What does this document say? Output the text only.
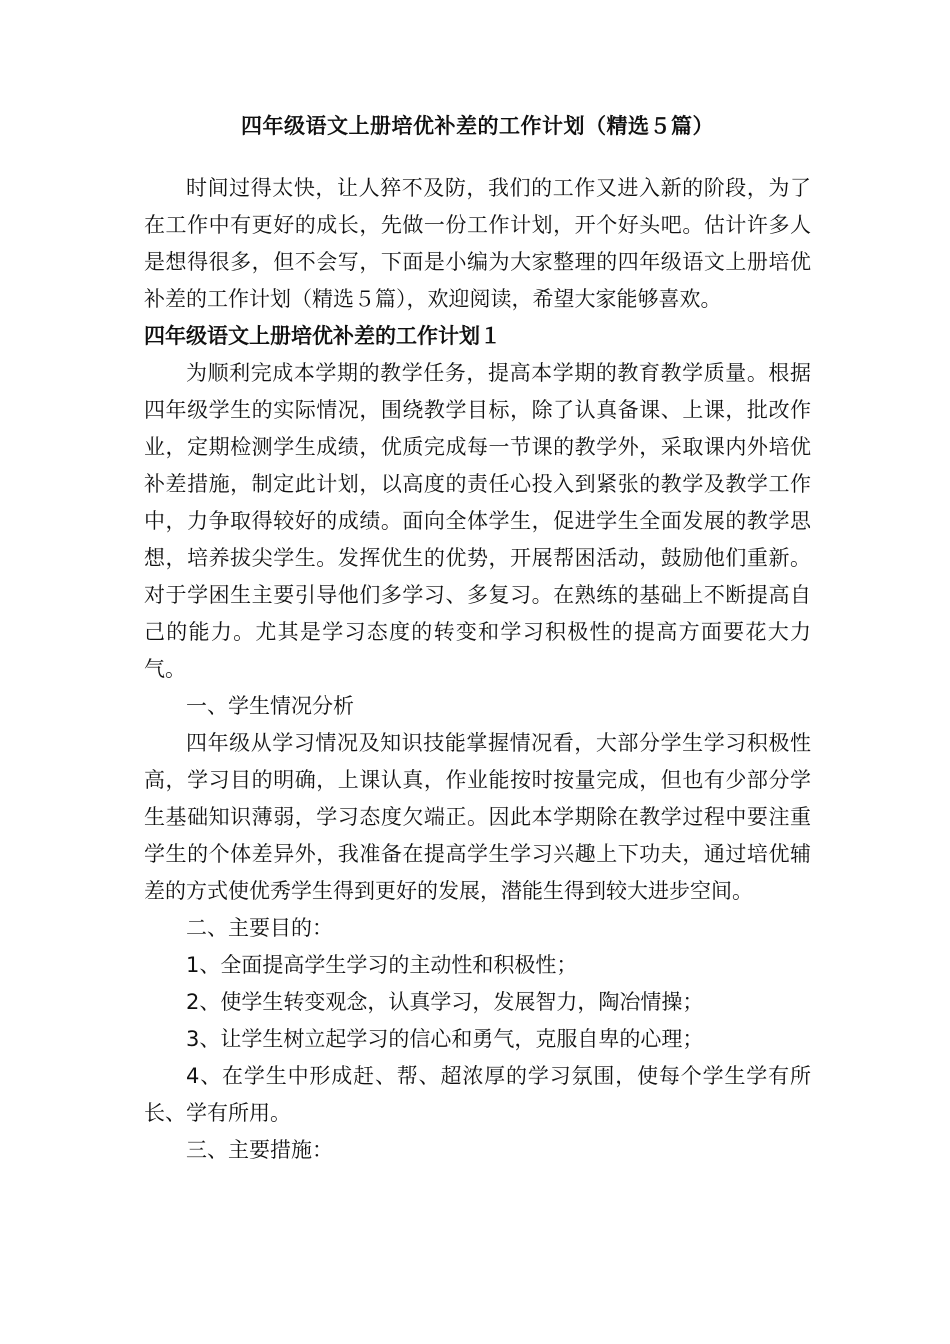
四年级语文上册培优补差的工作计划（精选５篇）

时间过得太快，让人猝不及防，我们的工作又进入新的阶段，为了在工作中有更好的成长，先做一份工作计划，开个好头吧。估计许多人是想得很多，但不会写，下面是小编为大家整理的四年级语文上册培优补差的工作计划（精选５篇），欢迎阅读，希望大家能够喜欢。

四年级语文上册培优补差的工作计划１

为顺利完成本学期的教学任务，提高本学期的教育教学质量。根据四年级学生的实际情况，围绕教学目标，除了认真备课、上课，批改作业，定期检测学生成绩，优质完成每一节课的教学外，采取课内外培优补差措施，制定此计划，以高度的责任心投入到紧张的教学及教学工作中，力争取得较好的成绩。面向全体学生，促进学生全面发展的教学思想，培养拔尖学生。发挥优生的优势，开展帮困活动，鼓励他们重新。对于学困生主要引导他们多学习、多复习。在熟练的基础上不断提高自己的能力。尤其是学习态度的转变和学习积极性的提高方面要花大力气。

一、学生情况分析

四年级从学习情况及知识技能掌握情况看，大部分学生学习积极性高，学习目的明确，上课认真，作业能按时按量完成，但也有少部分学生基础知识薄弱，学习态度欠端正。因此本学期除在教学过程中要注重学生的个体差异外，我准备在提高学生学习兴趣上下功夫，通过培优辅差的方式使优秀学生得到更好的发展，潜能生得到较大进步空间。

二、主要目的：

1、全面提高学生学习的主动性和积极性；

2、使学生转变观念，认真学习，发展智力，陶冶情操；

3、让学生树立起学习的信心和勇气，克服自卑的心理；

4、在学生中形成赶、帮、超浓厚的学习氛围，使每个学生学有所长、学有所用。

三、主要措施：
